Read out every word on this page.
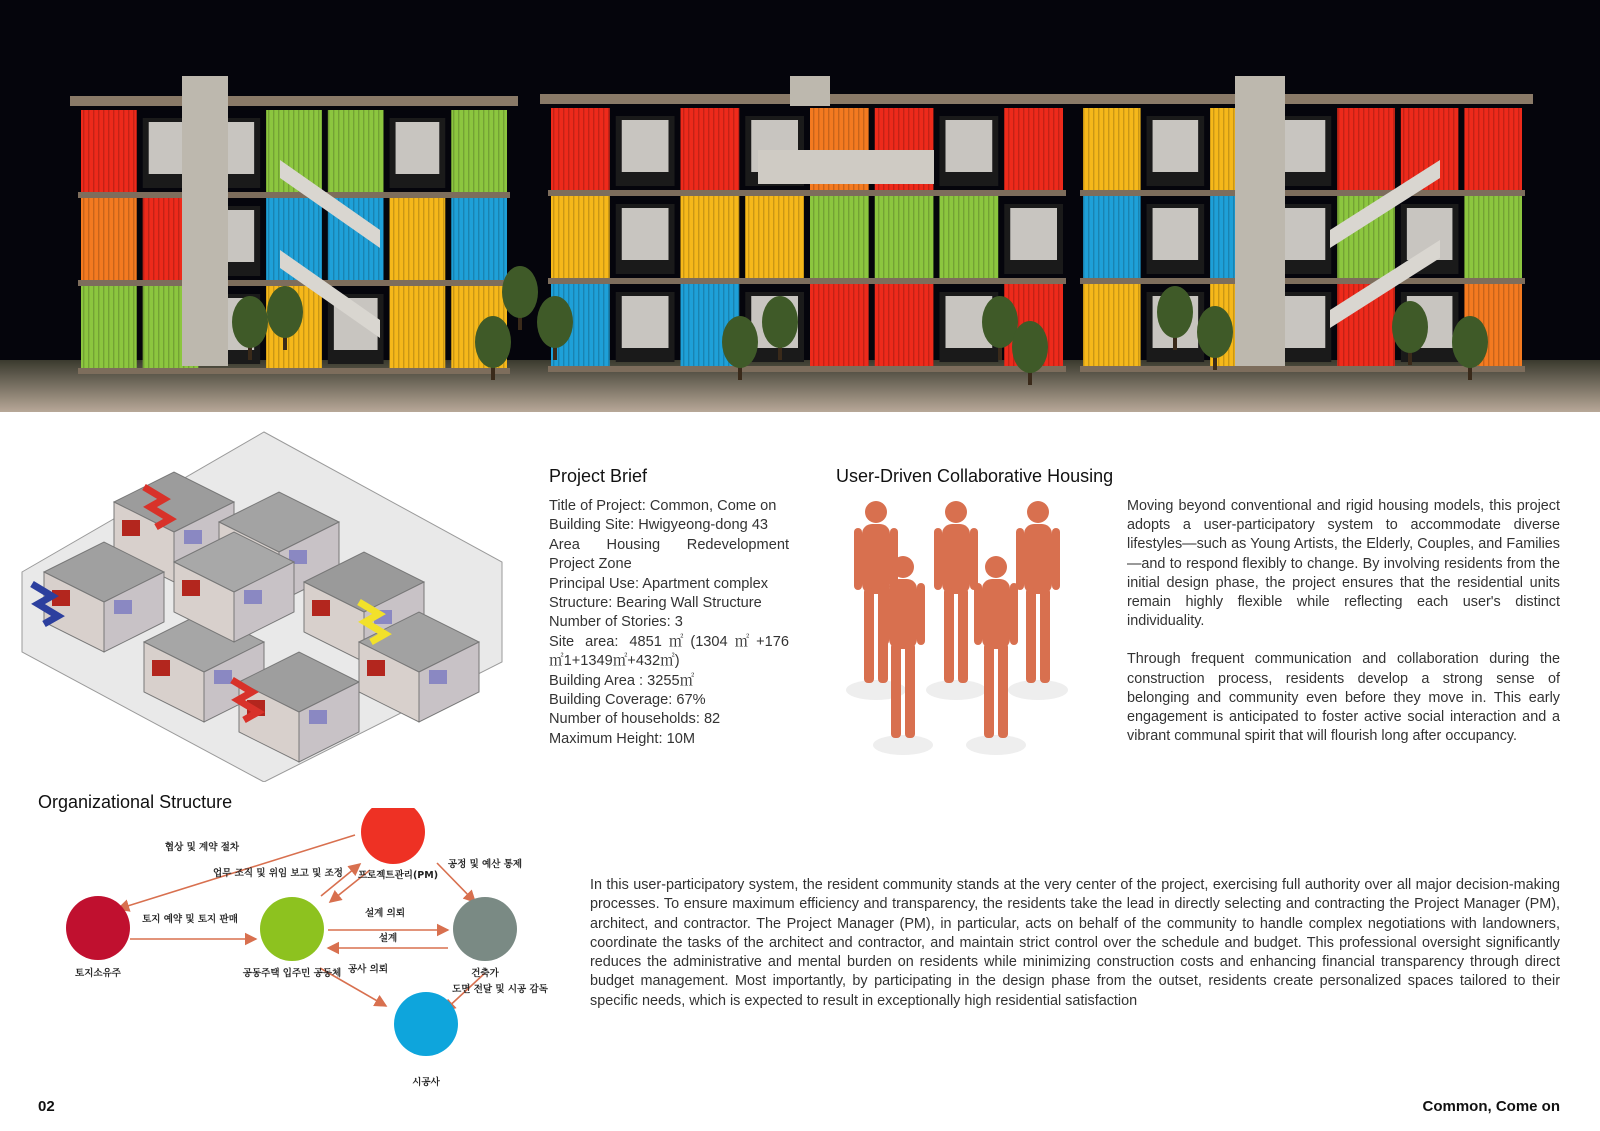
Project Brief
Title of Project: Common, Come on
Building Site: Hwigyeong-dong 43
Area Housing Redevelopment
Project Zone
Principal Use: Apartment complex
Structure: Bearing Wall Structure
Number of Stories: 3
Site area: 4851㎡(1304㎡+176
㎡1+1349㎡+432㎡)
Building Area : 3255㎡
Building Coverage: 67%
Number of households: 82
Maximum Height: 10M
User-Driven Collaborative Housing

Moving beyond conventional and rigid housing models, this project adopts a user-participatory system to accommodate diverse lifestyles—such as Young Artists, the Elderly, Couples, and Families—and to respond flexibly to change. By involving residents from the initial design phase, the project ensures that the residential units remain highly flexible while reflecting each user's distinct individuality.

Through frequent communication and collaboration during the construction process, residents develop a strong sense of belonging and community even before they move in. This early engagement is anticipated to foster active social interaction and a vibrant communal spirit that will flourish long after occupancy.

Organizational Structure
협상 및 계약 절차
업무 조직 및 위임 보고 및 조정
공정 및 예산 통제
토지 예약 및 토지 판매
설계 의뢰
설계
공사 의뢰
도면 전달 및 시공 감독
프로젝트관리(PM)
토지소유주	공동주택 입주민 공동체	건축가
시공사
In this user-participatory system, the resident community stands at the very center of the project, exercising full authority over all major decision-making processes. To ensure maximum efficiency and transparency, the residents take the lead in directly selecting and contracting the Project Manager (PM), architect, and contractor. The Project Manager (PM), in particular, acts on behalf of the community to handle complex negotiations with landowners, coordinate the tasks of the architect and contractor, and maintain strict control over the schedule and budget. This professional oversight significantly reduces the administrative and mental burden on residents while minimizing construction costs and enhancing financial transparency through direct budget management. Most importantly, by participating in the design phase from the outset, residents create personalized spaces tailored to their specific needs, which is expected to result in exceptionally high residential satisfaction
02	Common, Come on
